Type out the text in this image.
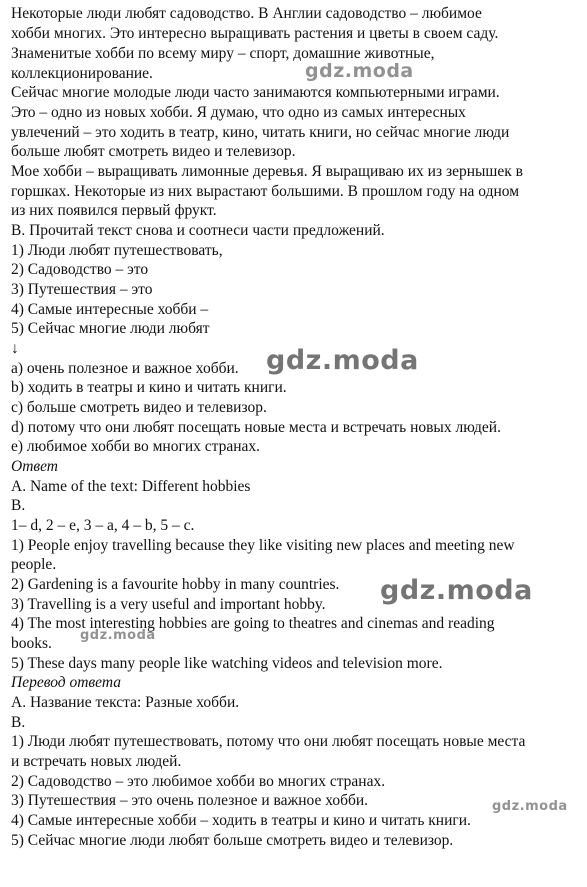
Некоторые люди любят садоводство. В Англии садоводство – любимое
хобби многих. Это интересно выращивать растения и цветы в своем саду.
Знаменитые хобби по всему миру – спорт, домашние животные,
коллекционирование.
Сейчас многие молодые люди часто занимаются компьютерными играми.
Это – одно из новых хобби. Я думаю, что одно из самых интересных
увлечений – это ходить в театр, кино, читать книги, но сейчас многие люди
больше любят смотреть видео и телевизор.
Мое хобби – выращивать лимонные деревья. Я выращиваю их из зернышек в
горшках. Некоторые из них вырастают большими. В прошлом году на одном
из них появился первый фрукт.
B. Прочитай текст снова и соотнеси части предложений.
1) Люди любят путешествовать,
2) Садоводство – это
3) Путешествия – это
4) Самые интересные хобби –
5) Сейчас многие люди любят
↓
a) очень полезное и важное хобби.
b) ходить в театры и кино и читать книги.
c) больше смотреть видео и телевизор.
d) потому что они любят посещать новые места и встречать новых людей.
e) любимое хобби во многих странах.
Ответ
A. Name of the text: Different hobbies
B.
1– d, 2 – e, 3 – a, 4 – b, 5 – c.
1) People enjoy travelling because they like visiting new places and meeting new
people.
2) Gardening is a favourite hobby in many countries.
3) Travelling is a very useful and important hobby.
4) The most interesting hobbies are going to theatres and cinemas and reading
books.
5) These days many people like watching videos and television more.
Перевод ответа
A. Название текста: Разные хобби.
B.
1) Люди любят путешествовать, потому что они любят посещать новые места
и встречать новых людей.
2) Садоводство – это любимое хобби во многих странах.
3) Путешествия – это очень полезное и важное хобби.
4) Самые интересные хобби – ходить в театры и кино и читать книги.
5) Сейчас многие люди любят больше смотреть видео и телевизор.
gdz.moda
gdz.moda
gdz.moda
gdz.moda
gdz.moda
